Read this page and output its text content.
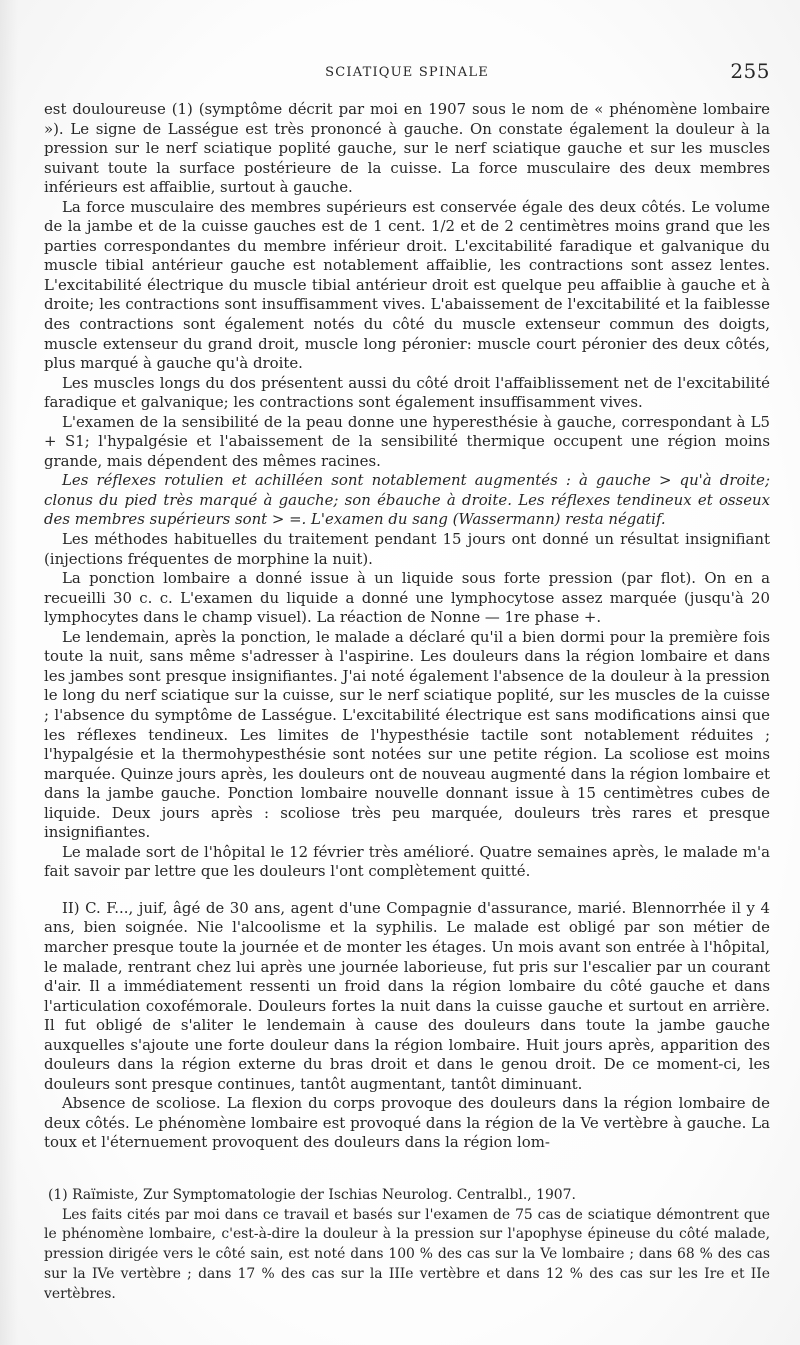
SCIATIQUE SPINALE	255

est douloureuse (1) (symptôme décrit par moi en 1907 sous le nom de « phénomène lombaire »). Le signe de Lasségue est très prononcé à gauche. On constate également la douleur à la pression sur le nerf sciatique poplité gauche, sur le nerf sciatique gauche et sur les muscles suivant toute la surface postérieure de la cuisse. La force musculaire des deux membres inférieurs est affaiblie, surtout à gauche.

La force musculaire des membres supérieurs est conservée égale des deux côtés. Le volume de la jambe et de la cuisse gauches est de 1 cent. 1/2 et de 2 centimètres moins grand que les parties correspondantes du membre inférieur droit. L'excitabilité faradique et galvanique du muscle tibial antérieur gauche est notablement affaiblie, les contractions sont assez lentes. L'excitabilité électrique du muscle tibial antérieur droit est quelque peu affaiblie à gauche et à droite; les contractions sont insuffisamment vives. L'abaissement de l'excitabilité et la faiblesse des contractions sont également notés du côté du muscle extenseur commun des doigts, muscle extenseur du grand droit, muscle long péronier: muscle court péronier des deux côtés, plus marqué à gauche qu'à droite.

Les muscles longs du dos présentent aussi du côté droit l'affaiblissement net de l'excitabilité faradique et galvanique; les contractions sont également insuffisamment vives.

L'examen de la sensibilité de la peau donne une hyperesthésie à gauche, correspondant à L5 + S1; l'hypalgésie et l'abaissement de la sensibilité thermique occupent une région moins grande, mais dépendent des mêmes racines.

Les réflexes rotulien et achilléen sont notablement augmentés : à gauche > qu'à droite; clonus du pied très marqué à gauche; son ébauche à droite. Les réflexes tendineux et osseux des membres supérieurs sont > =. L'examen du sang (Wassermann) resta négatif.

Les méthodes habituelles du traitement pendant 15 jours ont donné un résultat insignifiant (injections fréquentes de morphine la nuit).

La ponction lombaire a donné issue à un liquide sous forte pression (par flot). On en a recueilli 30 c. c. L'examen du liquide a donné une lymphocytose assez marquée (jusqu'à 20 lymphocytes dans le champ visuel). La réaction de Nonne — 1re phase +.

Le lendemain, après la ponction, le malade a déclaré qu'il a bien dormi pour la première fois toute la nuit, sans même s'adresser à l'aspirine. Les douleurs dans la région lombaire et dans les jambes sont presque insignifiantes. J'ai noté également l'absence de la douleur à la pression le long du nerf sciatique sur la cuisse, sur le nerf sciatique poplité, sur les muscles de la cuisse ; l'absence du symptôme de Lasségue. L'excitabilité électrique est sans modifications ainsi que les réflexes tendineux. Les limites de l'hypesthésie tactile sont notablement réduites ; l'hypalgésie et la thermohypesthésie sont notées sur une petite région. La scoliose est moins marquée. Quinze jours après, les douleurs ont de nouveau augmenté dans la région lombaire et dans la jambe gauche. Ponction lombaire nouvelle donnant issue à 15 centimètres cubes de liquide. Deux jours après : scoliose très peu marquée, douleurs très rares et presque insignifiantes.

Le malade sort de l'hôpital le 12 février très amélioré. Quatre semaines après, le malade m'a fait savoir par lettre que les douleurs l'ont complètement quitté.

II) C. F..., juif, âgé de 30 ans, agent d'une Compagnie d'assurance, marié. Blennorrhée il y 4 ans, bien soignée. Nie l'alcoolisme et la syphilis. Le malade est obligé par son métier de marcher presque toute la journée et de monter les étages. Un mois avant son entrée à l'hôpital, le malade, rentrant chez lui après une journée laborieuse, fut pris sur l'escalier par un courant d'air. Il a immédiatement ressenti un froid dans la région lombaire du côté gauche et dans l'articulation coxofémorale. Douleurs fortes la nuit dans la cuisse gauche et surtout en arrière. Il fut obligé de s'aliter le lendemain à cause des douleurs dans toute la jambe gauche auxquelles s'ajoute une forte douleur dans la région lombaire. Huit jours après, apparition des douleurs dans la région externe du bras droit et dans le genou droit. De ce moment-ci, les douleurs sont presque continues, tantôt augmentant, tantôt diminuant.

Absence de scoliose. La flexion du corps provoque des douleurs dans la région lombaire de deux côtés. Le phénomène lombaire est provoqué dans la région de la Ve vertèbre à gauche. La toux et l'éternuement provoquent des douleurs dans la région lom-

(1) Raïmiste, Zur Symptomatologie der Ischias Neurolog. Centralbl., 1907.

Les faits cités par moi dans ce travail et basés sur l'examen de 75 cas de sciatique démontrent que le phénomène lombaire, c'est-à-dire la douleur à la pression sur l'apophyse épineuse du côté malade, pression dirigée vers le côté sain, est noté dans 100 % des cas sur la Ve lombaire ; dans 68 % des cas sur la IVe vertèbre ; dans 17 % des cas sur la IIIe vertèbre et dans 12 % des cas sur les Ire et IIe vertèbres.
